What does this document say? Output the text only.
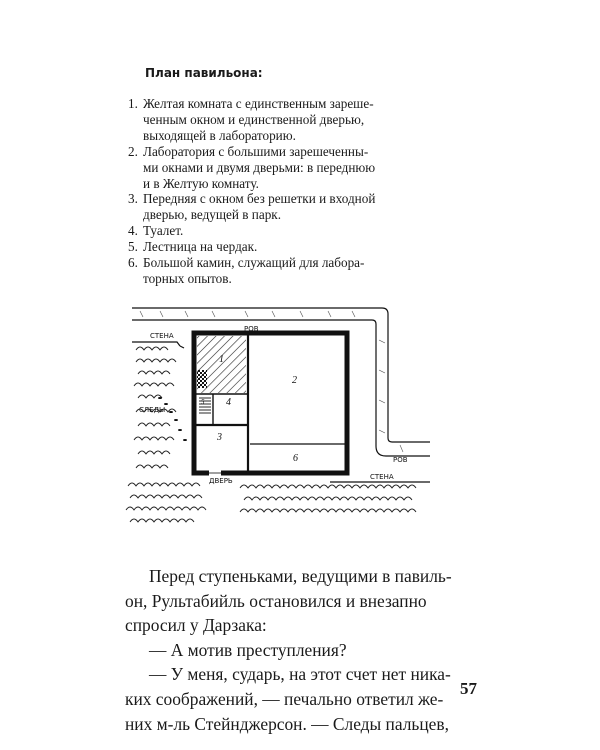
План павильона:
1. Желтая комната с единственным зареше-
ченным окном и единственной дверью,
выходящей в лабораторию.
2. Лаборатория с большими зарешеченны-
ми окнами и двумя дверьми: в переднюю
и в Желтую комнату.
3. Передняя с окном без решетки и входной
дверью, ведущей в парк.
4. Туалет.
5. Лестница на чердак.
6. Большой камин, служащий для лабора-
торных опытов.
РОВ
РОВ
СТЕНА
СТЕНА
СЛЕДЫ
1
2
3
4
5
6
ДВЕРЬ

Перед ступеньками, ведущими в павиль-

он, Рультабийль остановился и внезапно

спросил у Дарзака:

— А мотив преступления?

— У меня, сударь, на этот счет нет ника-

ких соображений, — печально ответил же-

них м-ль Стейнджерсон. — Следы пальцев,

57
